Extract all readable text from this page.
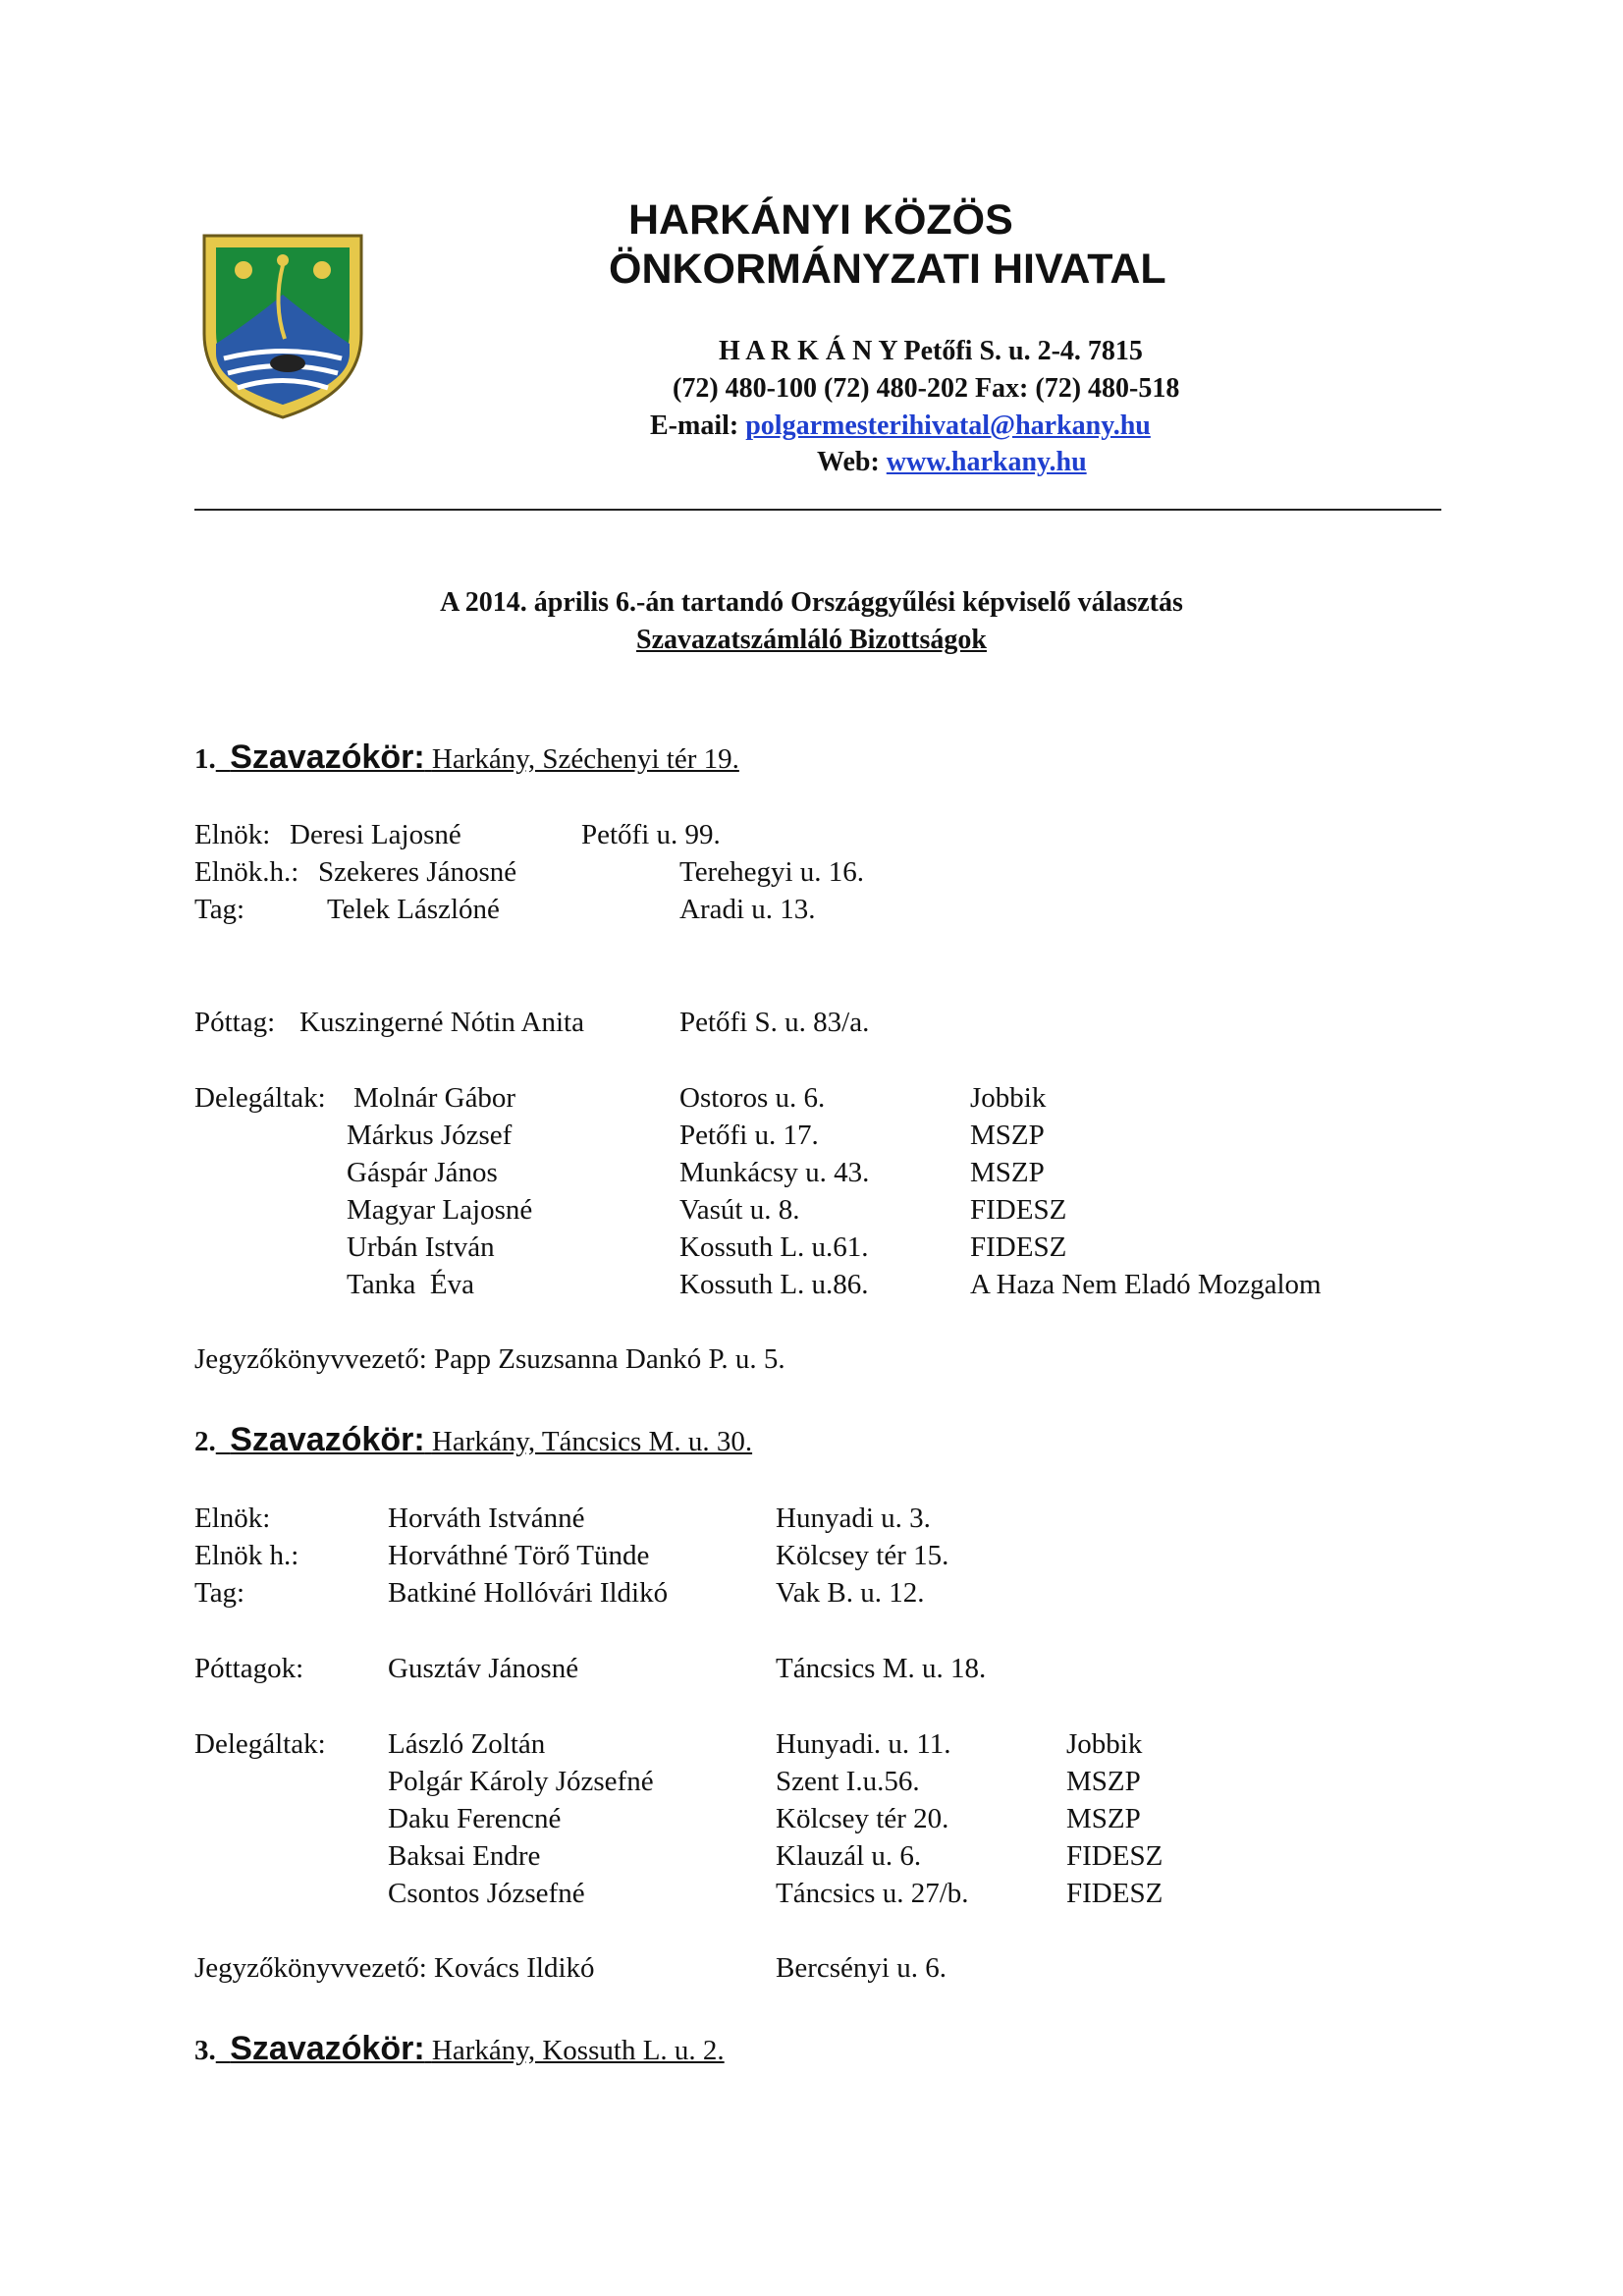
HARKÁNYI KÖZÖS
ÖNKORMÁNYZATI HIVATAL
H A R K Á N Y Petőfi S. u. 2-4. 7815
(72) 480-100 (72) 480-202 Fax: (72) 480-518
E-mail: polgarmesterihivatal@harkany.hu
Web: www.harkany.hu
A 2014. április 6.-án tartandó Országgyűlési képviselő választás
Szavazatszámláló Bizottságok
1. Szavazókör: Harkány, Széchenyi tér 19.
Elnök: Deresi Lajosné	Petőfi u. 99.
Elnök.h.: Szekeres Jánosné	Terehegyi u. 16.
Tag:	Telek Lászlóné	Aradi u. 13.
Póttag: Kuszingerné Nótin Anita	Petőfi S. u. 83/a.
Delegáltak: Molnár Gábor	Ostoros u. 6.	Jobbik
Márkus József	Petőfi u. 17.	MSZP
Gáspár János	Munkácsy u. 43.	MSZP
Magyar Lajosné	Vasút u. 8.	FIDESZ
Urbán István	Kossuth L. u.61.	FIDESZ
Tanka  Éva	Kossuth L. u.86.	A Haza Nem Eladó Mozgalom
Jegyzőkönyvvezető: Papp Zsuzsanna Dankó P. u. 5.
2. Szavazókör: Harkány, Táncsics M. u. 30.
Elnök:	Horváth Istvánné	Hunyadi u. 3.
Elnök h.:	Horváthné Törő Tünde	Kölcsey tér 15.
Tag:	Batkiné Hollóvári Ildikó	Vak B. u. 12.
Póttagok:	Gusztáv Jánosné	Táncsics M. u. 18.
Delegáltak: László Zoltán	Hunyadi. u. 11.	Jobbik
Polgár Károly Józsefné	Szent I.u.56.	MSZP
Daku Ferencné	Kölcsey tér 20.	MSZP
Baksai Endre	Klauzál u. 6.	FIDESZ
Csontos Józsefné	Táncsics u. 27/b.	FIDESZ
Jegyzőkönyvvezető: Kovács Ildikó	Bercsényi u. 6.
3. Szavazókör: Harkány, Kossuth L. u. 2.
